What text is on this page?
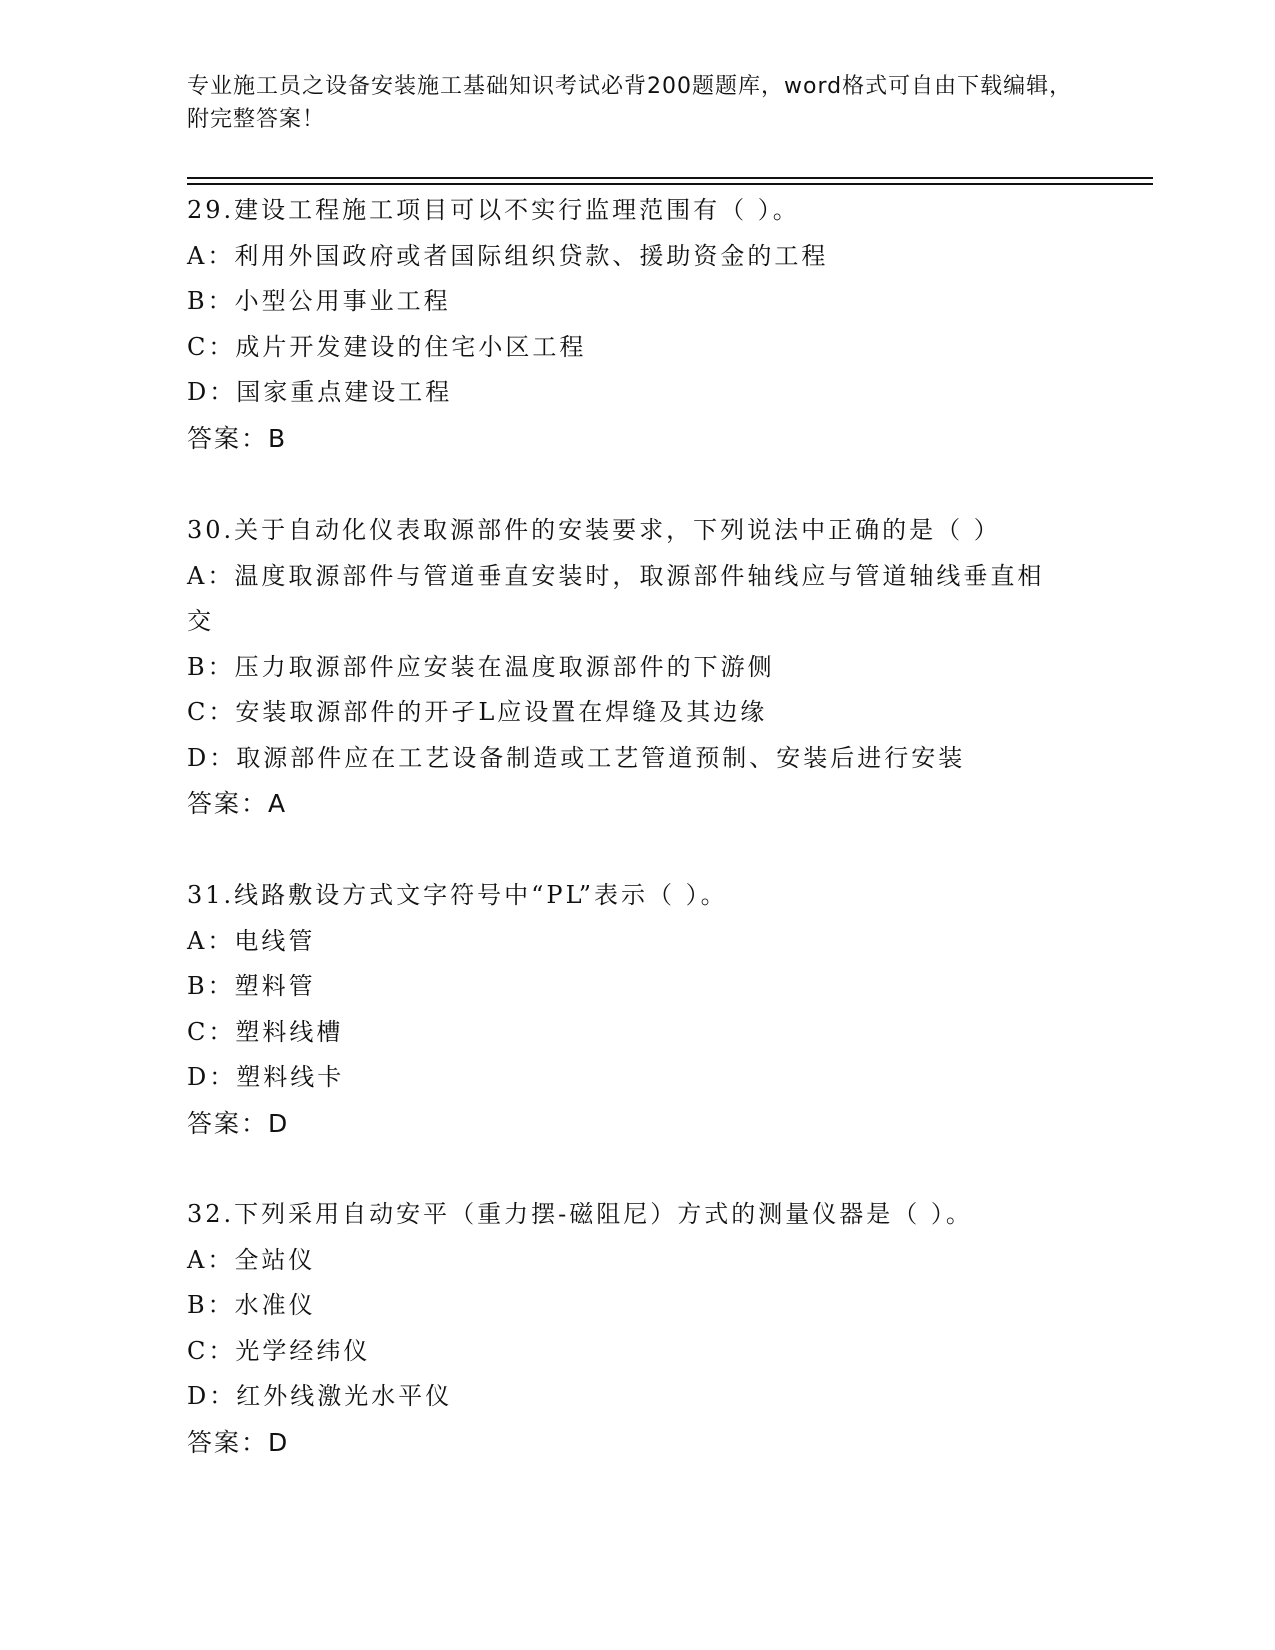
专业施工员之设备安装施工基础知识考试必背200题题库，word格式可自由下载编辑，附完整答案！
29.建设工程施工项目可以不实行监理范围有（ ）。
A：利用外国政府或者国际组织贷款、援助资金的工程
B：小型公用事业工程
C：成片开发建设的住宅小区工程
D：国家重点建设工程
答案：B
30.关于自动化仪表取源部件的安装要求，下列说法中正确的是（ ）
A：温度取源部件与管道垂直安装时，取源部件轴线应与管道轴线垂直相交
B：压力取源部件应安装在温度取源部件的下游侧
C：安装取源部件的开孑L应设置在焊缝及其边缘
D：取源部件应在工艺设备制造或工艺管道预制、安装后进行安装
答案：A
31.线路敷设方式文字符号中“PL”表示（ ）。
A：电线管
B：塑料管
C：塑料线槽
D：塑料线卡
答案：D
32.下列采用自动安平（重力摆-磁阻尼）方式的测量仪器是（ ）。
A：全站仪
B：水准仪
C：光学经纬仪
D：红外线激光水平仪
答案：D
